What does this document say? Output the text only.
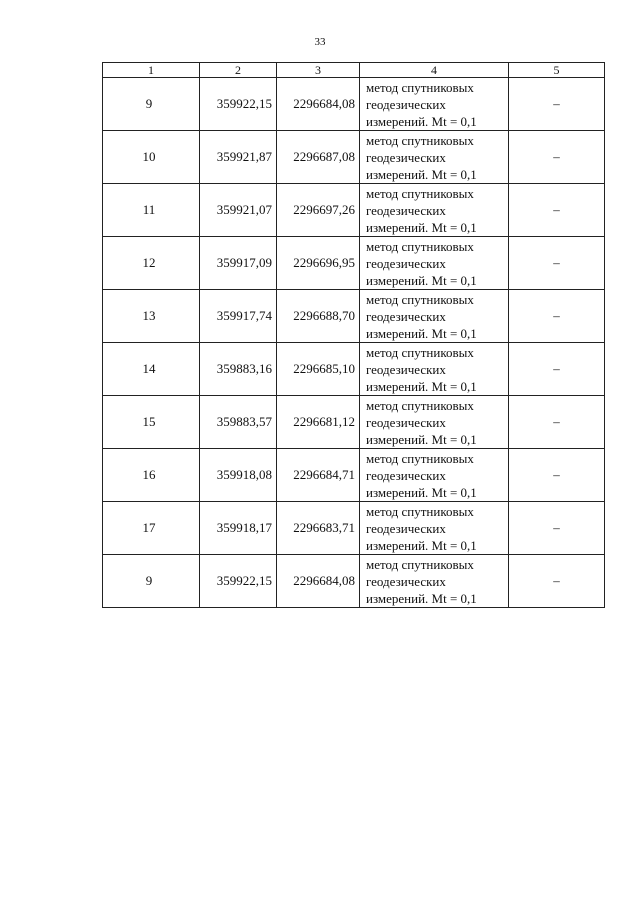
33
1	2	3	4	5
9	359922,15	2296684,08	метод спутниковых
геодезических
измерений. Mt = 0,1	–
10	359921,87	2296687,08	метод спутниковых
геодезических
измерений. Mt = 0,1	–
11	359921,07	2296697,26	метод спутниковых
геодезических
измерений. Mt = 0,1	–
12	359917,09	2296696,95	метод спутниковых
геодезических
измерений. Mt = 0,1	–
13	359917,74	2296688,70	метод спутниковых
геодезических
измерений. Mt = 0,1	–
14	359883,16	2296685,10	метод спутниковых
геодезических
измерений. Mt = 0,1	–
15	359883,57	2296681,12	метод спутниковых
геодезических
измерений. Mt = 0,1	–
16	359918,08	2296684,71	метод спутниковых
геодезических
измерений. Mt = 0,1	–
17	359918,17	2296683,71	метод спутниковых
геодезических
измерений. Mt = 0,1	–
9	359922,15	2296684,08	метод спутниковых
геодезических
измерений. Mt = 0,1	–
